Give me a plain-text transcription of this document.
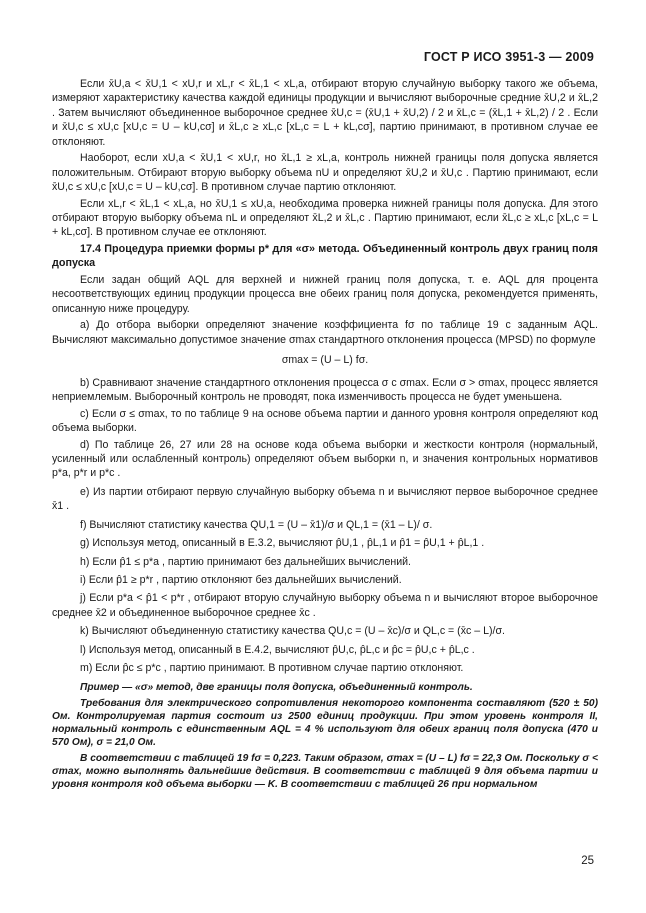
ГОСТ Р ИСО 3951-3 — 2009

Если x̄U,a < x̄U,1 < xU,r и xL,r < x̄L,1 < xL,a, отбирают вторую случайную выборку такого же объема, измеряют характеристику качества каждой единицы продукции и вычисляют выборочные средние x̄U,2 и x̄L,2 . Затем вычисляют объединенное выборочное среднее x̄U,c = (x̄U,1 + x̄U,2) / 2 и x̄L,c = (x̄L,1 + x̄L,2) / 2 . Если и x̄U,c ≤ xU,c [xU,c = U – kU,cσ] и x̄L,c ≥ xL,c [xL,c = L + kL,cσ], партию принимают, в противном случае ее отклоняют.

Наоборот, если xU,a < x̄U,1 < xU,r, но x̄L,1 ≥ xL,a, контроль нижней границы поля допуска является положительным. Отбирают вторую выборку объема nU и определяют x̄U,2 и x̄U,c . Партию принимают, если x̄U,c ≤ xU,c [xU,c = U – kU,cσ]. В противном случае партию отклоняют.

Если xL,r < x̄L,1 < xL,a, но x̄U,1 ≤ xU,a, необходима проверка нижней границы поля допуска. Для этого отбирают вторую выборку объема nL и определяют x̄L,2 и x̄L,c . Партию принимают, если x̄L,c ≥ xL,c [xL,c = L + kL,cσ]. В противном случае ее отклоняют.

17.4 Процедура приемки формы p* для «σ» метода. Объединенный контроль двух границ поля допуска

Если задан общий AQL для верхней и нижней границ поля допуска, т. е. AQL для процента несоответствующих единиц продукции процесса вне обеих границ поля допуска, рекомендуется применять, описанную ниже процедуру.

а) До отбора выборки определяют значение коэффициента fσ по таблице 19 с заданным AQL. Вычисляют максимально допустимое значение σmax стандартного отклонения процесса (MPSD) по формуле

σmax = (U – L) fσ.

b) Сравнивают значение стандартного отклонения процесса σ с σmax. Если σ > σmax, процесс является неприемлемым. Выборочный контроль не проводят, пока изменчивость процесса не будет уменьшена.

c) Если σ ≤ σmax, то по таблице 9 на основе объема партии и данного уровня контроля определяют код объема выборки.

d) По таблице 26, 27 или 28 на основе кода объема выборки и жесткости контроля (нормальный, усиленный или ослабленный контроль) определяют объем выборки n, и значения контрольных нормативов p*a, p*r и p*c .

e) Из партии отбирают первую случайную выборку объема n и вычисляют первое выборочное среднее x̄1 .

f) Вычисляют статистику качества QU,1 = (U – x̄1)/σ и QL,1 = (x̄1 – L)/ σ.

g) Используя метод, описанный в Е.3.2, вычисляют p̂U,1 , p̂L,1 и p̂1 = p̂U,1 + p̂L,1 .

h) Если p̂1 ≤ p*a , партию принимают без дальнейших вычислений.

i) Если p̂1 ≥ p*r , партию отклоняют без дальнейших вычислений.

j) Если p*a < p̂1 < p*r , отбирают вторую случайную выборку объема n и вычисляют второе выборочное среднее x̄2 и объединенное выборочное среднее x̄c .

k) Вычисляют объединенную статистику качества QU,c = (U – x̄c)/σ и QL,c = (x̄c – L)/σ.

l) Используя метод, описанный в Е.4.2, вычисляют p̂U,c, p̂L,c и p̂c = p̂U,c + p̂L,c .

m) Если p̂c ≤ p*c , партию принимают. В противном случае партию отклоняют.

Пример — «σ» метод, две границы поля допуска, объединенный контроль.

Требования для электрического сопротивления некоторого компонента составляют (520 ± 50) Ом. Контролируемая партия состоит из 2500 единиц продукции. При этом уровень контроля II, нормальный контроль с единственным AQL = 4 % используют для обеих границ поля допуска (470 и 570 Ом), σ = 21,0 Ом.

В соответствии с таблицей 19 fσ = 0,223. Таким образом, σmax = (U – L) fσ = 22,3 Ом. Поскольку σ < σmax, можно выполнять дальнейшие действия. В соответствии с таблицей 9 для объема партии и уровня контроля код объема выборки — K. В соответствии с таблицей 26 при нормальном

25
